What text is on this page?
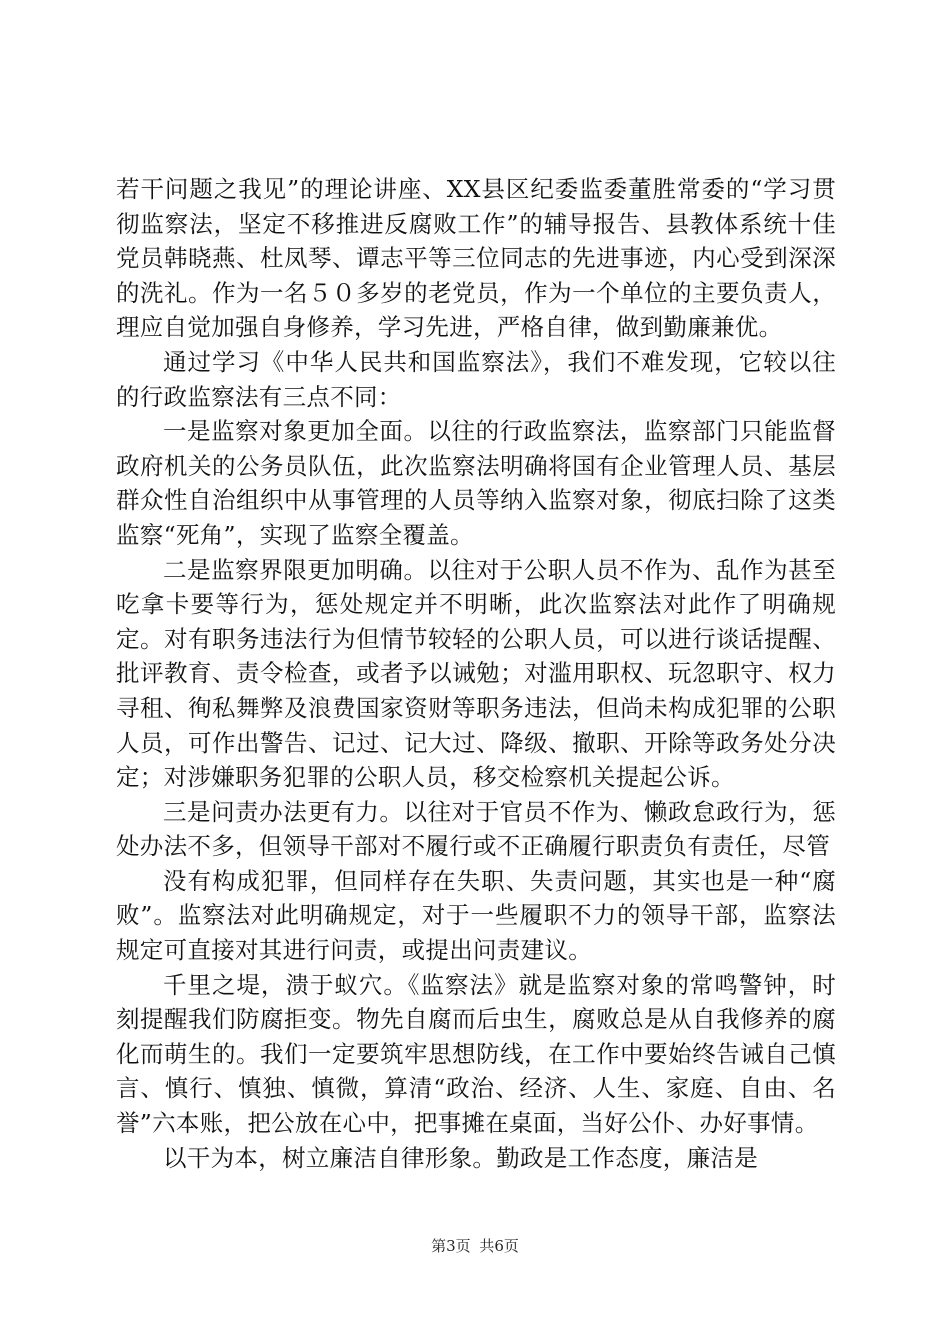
若干问题之我见”的理论讲座、XX县区纪委监委董胜常委的“学习贯彻监察法，坚定不移推进反腐败工作”的辅导报告、县教体系统十佳党员韩晓燕、杜凤琴、谭志平等三位同志的先进事迹，内心受到深深的洗礼。作为一名５０多岁的老党员，作为一个单位的主要负责人，理应自觉加强自身修养，学习先进，严格自律，做到勤廉兼优。

通过学习《中华人民共和国监察法》，我们不难发现，它较以往的行政监察法有三点不同：

一是监察对象更加全面。以往的行政监察法，监察部门只能监督政府机关的公务员队伍，此次监察法明确将国有企业管理人员、基层群众性自治组织中从事管理的人员等纳入监察对象，彻底扫除了这类监察“死角”，实现了监察全覆盖。

二是监察界限更加明确。以往对于公职人员不作为、乱作为甚至吃拿卡要等行为，惩处规定并不明晰，此次监察法对此作了明确规定。对有职务违法行为但情节较轻的公职人员，可以进行谈话提醒、批评教育、责令检查，或者予以诫勉；对滥用职权、玩忽职守、权力寻租、徇私舞弊及浪费国家资财等职务违法，但尚未构成犯罪的公职人员，可作出警告、记过、记大过、降级、撤职、开除等政务处分决定；对涉嫌职务犯罪的公职人员，移交检察机关提起公诉。

三是问责办法更有力。以往对于官员不作为、懒政怠政行为，惩处办法不多，但领导干部对不履行或不正确履行职责负有责任，尽管

没有构成犯罪，但同样存在失职、失责问题，其实也是一种“腐败”。监察法对此明确规定，对于一些履职不力的领导干部，监察法规定可直接对其进行问责，或提出问责建议。

千里之堤，溃于蚁穴。《监察法》就是监察对象的常鸣警钟，时刻提醒我们防腐拒变。物先自腐而后虫生，腐败总是从自我修养的腐化而萌生的。我们一定要筑牢思想防线，在工作中要始终告诫自己慎言、慎行、慎独、慎微，算清“政治、经济、人生、家庭、自由、名誉”六本账，把公放在心中，把事摊在桌面，当好公仆、办好事情。

以干为本，树立廉洁自律形象。勤政是工作态度，廉洁是

第3页 共6页
